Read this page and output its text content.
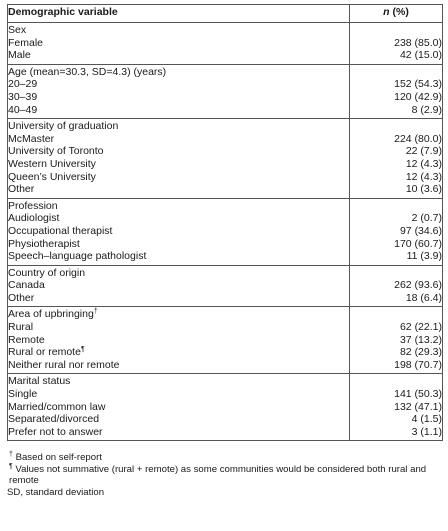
Demographic variable	n (%)
Sex	
Female	238 (85.0)
Male	42 (15.0)
Age (mean=30.3, SD=4.3) (years)	
20–29	152 (54.3)
30–39	120 (42.9)
40–49	8 (2.9)
University of graduation	
McMaster	224 (80.0)
University of Toronto	22 (7.9)
Western University	12 (4.3)
Queen’s University	12 (4.3)
Other	10 (3.6)
Profession	
Audiologist	2 (0.7)
Occupational therapist	97 (34.6)
Physiotherapist	170 (60.7)
Speech–language pathologist	11 (3.9)
Country of origin	
Canada	262 (93.6)
Other	18 (6.4)
Area of upbringing†	
Rural	62 (22.1)
Remote	37 (13.2)
Rural or remote¶	82 (29.3)
Neither rural nor remote	198 (70.7)
Marital status	
Single	141 (50.3)
Married/common law	132 (47.1)
Separated/divorced	4 (1.5)
Prefer not to answer	3 (1.1)

† Based on self-report

¶ Values not summative (rural + remote) as some communities would be considered both rural and remote

SD, standard deviation
